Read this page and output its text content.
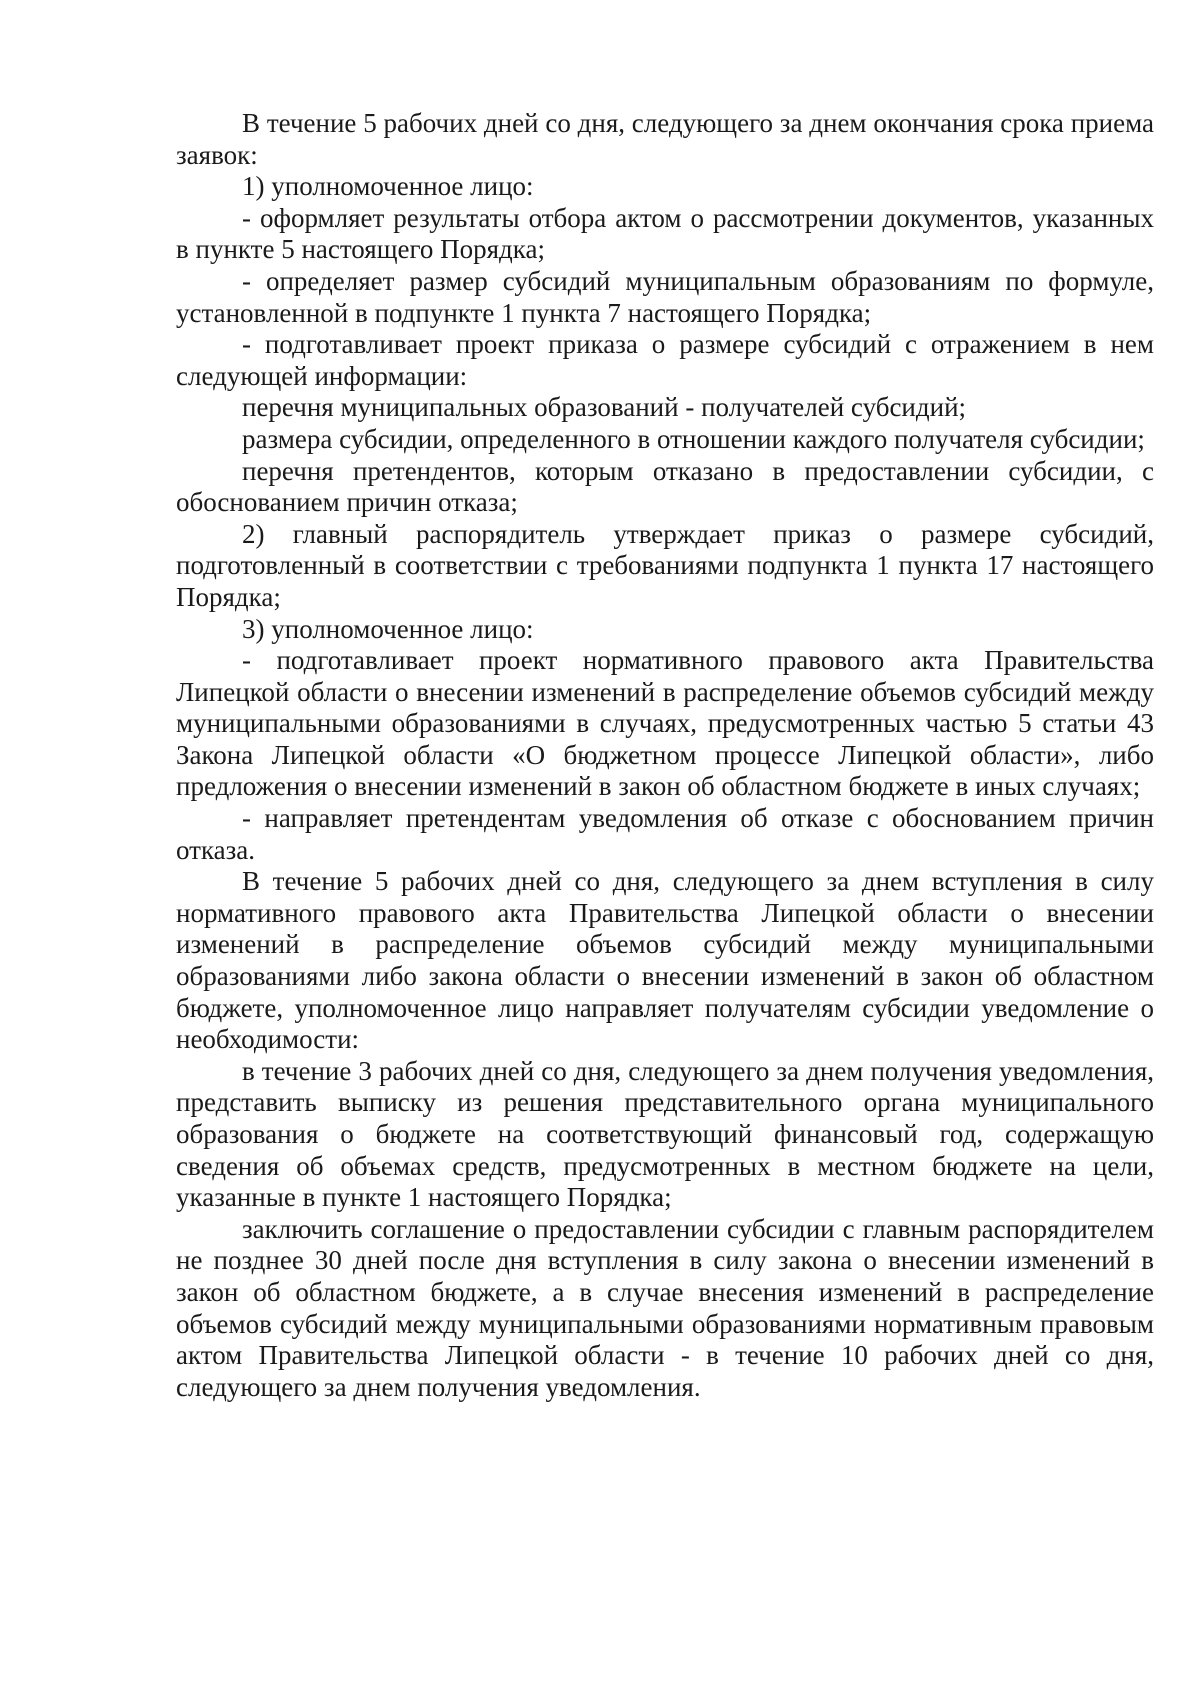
В течение 5 рабочих дней со дня, следующего за днем окончания срока приема заявок:

1) уполномоченное лицо:

- оформляет результаты отбора актом о рассмотрении документов, указанных в пункте 5 настоящего Порядка;

- определяет размер субсидий муниципальным образованиям по формуле, установленной в подпункте 1 пункта 7 настоящего Порядка;

- подготавливает проект приказа о размере субсидий с отражением в нем следующей информации:

перечня муниципальных образований - получателей субсидий;

размера субсидии, определенного в отношении каждого получателя субсидии;

перечня претендентов, которым отказано в предоставлении субсидии, с обоснованием причин отказа;

2) главный распорядитель утверждает приказ о размере субсидий, подготовленный в соответствии с требованиями подпункта 1 пункта 17 настоящего Порядка;

3) уполномоченное лицо:

- подготавливает проект нормативного правового акта Правительства Липецкой области о внесении изменений в распределение объемов субсидий между муниципальными образованиями в случаях, предусмотренных частью 5 статьи 43 Закона Липецкой области «О бюджетном процессе Липецкой области», либо предложения о внесении изменений в закон об областном бюджете в иных случаях;

- направляет претендентам уведомления об отказе с обоснованием причин отказа.

В течение 5 рабочих дней со дня, следующего за днем вступления в силу нормативного правового акта Правительства Липецкой области о внесении изменений в распределение объемов субсидий между муниципальными образованиями либо закона области о внесении изменений в закон об областном бюджете, уполномоченное лицо направляет получателям субсидии уведомление о необходимости:

в течение 3 рабочих дней со дня, следующего за днем получения уведомления, представить выписку из решения представительного органа муниципального образования о бюджете на соответствующий финансовый год, содержащую сведения об объемах средств, предусмотренных в местном бюджете на цели, указанные в пункте 1 настоящего Порядка;

заключить соглашение о предоставлении субсидии с главным распорядителем не позднее 30 дней после дня вступления в силу закона о внесении изменений в закон об областном бюджете, а в случае внесения изменений в распределение объемов субсидий между муниципальными образованиями нормативным правовым актом Правительства Липецкой области - в течение 10 рабочих дней со дня, следующего за днем получения уведомления.
